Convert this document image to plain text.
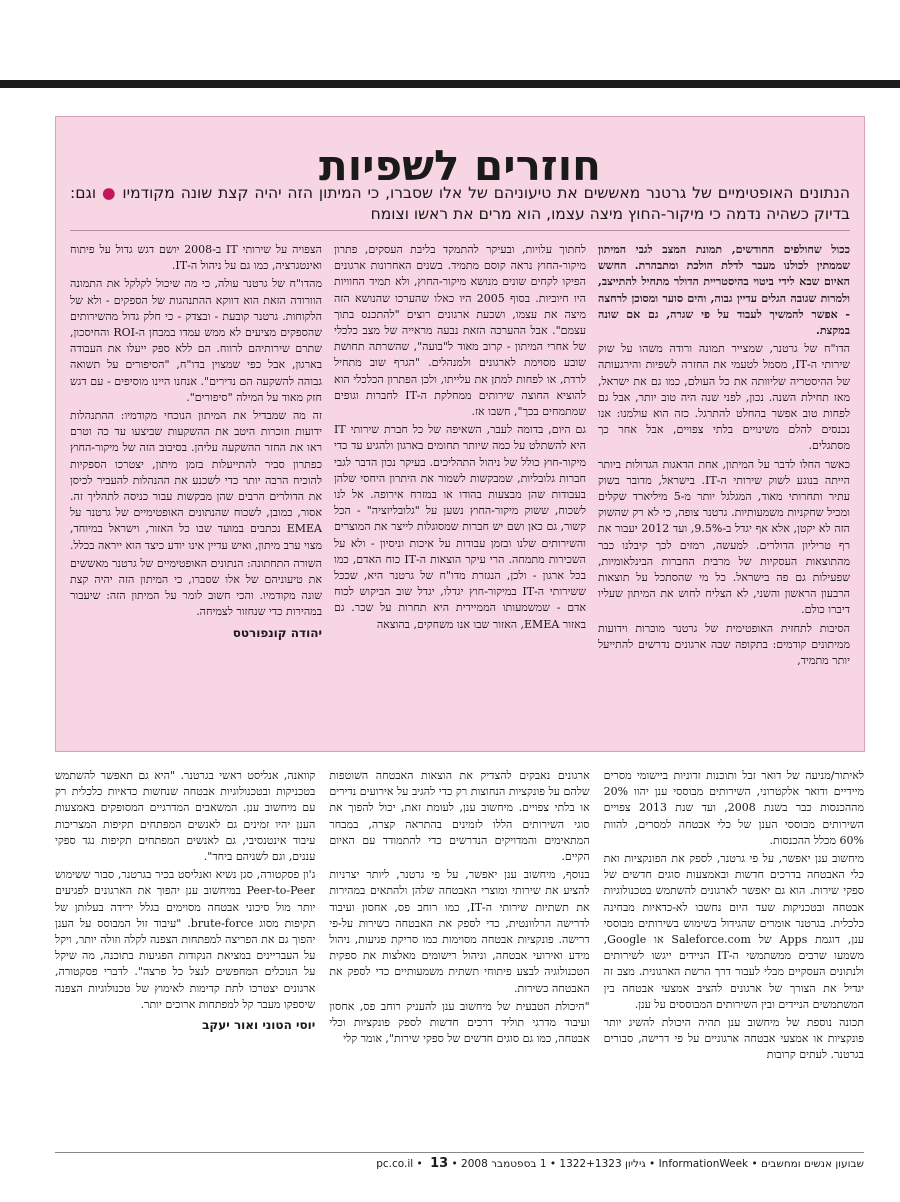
חוזרים לשפיות
הנתונים האופטימיים של גרטנר מאששים את טיעוניהם של אלו שסברו, כי המיתון הזה יהיה קצת שונה מקודמיו ● וגם: בדיוק כשהיה נדמה כי מיקור-החוץ מיצה עצמו, הוא מרים את ראשו וצומח

ככול שחולפים החודשים, תמונת המצב לגבי המיתון שממתין לכולנו מעבר לדלת הולכת ומתבהרת. החשש האיום שבא לידי ביטוי בהיסטריית הדולר מתחיל להתייצב, ולמרות שגובה הגלים עדיין גבוה, והים סוער ומסוכן לרחצה - אפשר להמשיך לעבוד על פי שגרה, גם אם שונה במקצת.

הדו"ח של גרטנר, שמצייר תמונה ורודה משהו על שוק שירותי ה-IT, מסמל לטעמי את החזרה לשפיות והירגעותה של ההיסטריה שליוותה את כל העולם, כמו גם את ישראל, מאז תחילת השנה. נכון, לפני שנה היה טוב יותר, אבל גם לפחות טוב אפשר בהחלט להתרגל. כזה הוא עולמנו: אנו נכנסים להלם משינויים בלתי צפויים, אבל אחר כך מסתגלים.

כאשר החלו לדבר על המיתון, אחת הדאגות הגדולות ביותר הייתה בנוגע לשוק שירותי ה-IT. בישראל, מדובר בשוק עתיר ותחרותי מאוד, המגלגל יותר מ-5 מיליארד שקלים ומכיל שחקניות משמעותיות. גרטנר צופה, כי לא רק שהשוק הזה לא יקטן, אלא אף יגדל ב-9.5%, ועד 2012 יעבור את רף טריליון הדולרים. למעשה, רמזים לכך קיבלנו כבר מהתוצאות העסקיות של מרבית החברות הבינלאומיות, שפעילות גם פה בישראל. כל מי שהסתכל על תוצאות הרבעון הראשון והשני, לא הצליח לחוש את המיתון שעליו דיברו כולם.

הסיבות לתחזית האופטימית של גרטנר מוכרות וידועות ממיתונים קודמים: בתקופה שבה ארגונים נדרשים להתייעל יותר מתמיד,

לחתוך עלויות, ובעיקר להתמקד בליבת העסקים, פתרון מיקור-החוץ נראה קוסם מתמיד. בשנים האחרונות ארגונים הפיקו לקחים שונים מנושא מיקור-החוץ, ולא תמיד החוויות היו חיוביות. בסוף 2005 היו כאלו שהערכו שהנושא הזה מיצה את עצמו, ושכעת ארגונים רוצים "להתכנס בתוך עצמם". אבל ההערכה הזאת נבעה מראייה של מצב כלכלי של אחרי המיתון - קרוב מאוד ל"בועה", שהשרתה תחושת שובע מסוימת לארגונים ולמנהלים. "הגרף שוב מתחיל לרדת, או לפחות למתן את עלייתו, ולכן הפתרון הכלכלי הוא להוציא החוצה שירותים ממחלקת ה-IT לחברות וגופים שמתמחים בכך", חשבו אז.

גם היום, בדומה לעבר, השאיפה של כל חברת שירותי IT היא להשתלט על כמה שיותר תחומים בארגון ולהגיע עד כדי מיקור-חוץ כולל של ניהול התהליכים. בעיקר נכון הדבר לגבי חברות גלובליות, שמבקשות לשמור את היתרון היחסי שלהן בעבודות שהן מבצעות בהודו או במזרח אירופה. אל לנו לשכוח, ששוק מיקור-החוץ נשען על "גלובליזציה" - הכל קשור, גם כאן ושם יש חברות שמסוגלות לייצר את המוצרים והשירותים שלנו ובזמן עבודות על איכות וניסיון - ולא על השכירות מתמחה. הרי עיקר הוצאות ה-IT כוח האדם, כמו בכל ארגון - ולכן, הנגזרת מדו"ח של גרטנר היא, שככל ששירותי ה-IT במיקור-חוץ יגדלו, יגדל שוב הביקוש לכוח אדם - שמשמעותו הממיידית היא תחרות על שכר. גם באזור EMEA, האזור שבו אנו משחקים, בהוצאה

הצפויה על שירותי IT ב-2008 יושם דגש גדול על פיתוח ואינטגרציה, כמו גם על ניהול ה-IT.

מהדו"ח של גרטנר עולה, כי מה שיכול לקלקל את התמונה הוורודה הזאת הוא דווקא ההתנהגות של הספקים - ולא של הלקוחות. גרטנר קובעת - ובצדק - כי חלק גדול מהשירותים שהספקים מציעים לא ממש עמדו במבחן ה-ROI והחיסכון, שתרם שירותיהם לרווח. הם ללא ספק ייעלו את העבודה בארגון, אבל כפי שמצוין בדו"ח, "הסיפורים על תשואה גבוהה להשקעה הם נדירים". אנחנו היינו מוסיפים - עם דגש חזק מאוד על המילה "סיפורים".

זה מה שמבדיל את המיתון הנוכחי מקודמיו: ההתנהלות ידועות וזוכרות היטב את ההשקעות שביצעו עד כה וטרם ראו את החזר ההשקעה עליהן. בסיבוב הזה של מיקור-החוץ כפתרון סביר להתייעלות בזמן מיתון, יצטרכו הספקיות להוכיח הרבה יותר כדי לשכנע את ההנהלות להעביר לכיסן את הדולרים הרבים שהן מבקשות עבור כניסה לתהליך זה. אסור, כמובן, לשכוח שהנתונים האופטימיים של גרטנר על EMEA נכתבים במועד שבו כל האזור, וישראל במיוחד, מצוי ערב מיתון, ואיש עדיין אינו יודע כיצד הוא ייראה בכלל.

השורה התחתונה: הנתונים האופטימיים של גרטנר מאששים את טיעוניהם של אלו שסברו, כי המיתון הזה יהיה קצת שונה מקודמיו. והכי חשוב לומר על המיתון הזה: שיעבור במהירות כדי שנחזור לצמיחה.

יהודה קונפורטס

לאיתור/מניעה של דואר זבל ותוכנות זדוניות ביישומי מסרים מיידיים ודואר אלקטרוני, השירותים מבוססי ענן יהוו 20% מההכנסות כבר בשנת 2008, ועד שנת 2013 צפויים השירותים מבוססי הענן של כלי אבטחה למסרים, להוות 60% מכלל ההכנסות.

מיחשוב ענן יאפשר, על פי גרטנר, לספק את הפונקציות ואת כלי האבטחה בדרכים חדשות ובאמצעות סוגים חדשים של ספקי שירות. הוא גם יאפשר לארגונים להשתמש בטכנולוגיות אבטחה ובטכניקות שעד היום נחשבו לא-כדאיות מבחינה כלכלית. בגרטנר אומרים שהגידול בשימוש בשירותים מבוססי ענן, דוגמת Apps של Saleforce.com או Google, משמעו שרבים ממשתמשי ה-IT הניידים ייגשו לשירותים ולנתונים העסקיים מבלי לעבור דרך הרשת הארגונית. מצב זה יגדיל את הצורך של ארגונים להציב אמצעי אבטחה בין המשתמשים הניידים ובין השירותים המבוססים על ענן.

תכונה נוספת של מיחשוב ענן תהיה היכולת להשיג יותר פונקציות או אמצעי אבטחה ארגוניים על פי דרישה, סבורים בגרטנר. לעתים קרובות

ארגונים נאבקים להצדיק את הוצאות האבטחה השוטפות שלהם על פונקציות הנחוצות רק כדי להגיב על אירועים נדירים או בלתי צפויים. מיחשוב ענן, לעומת זאת, יכול להפוך את סוגי השירותים הללו לזמינים בהתראה קצרה, במבחר המתאימים והמדויקים הנדרשים כדי להתמודד עם האיום הקיים.

בנוסף, מיחשוב ענן יאפשר, על פי גרטנר, ליותר יצרניות להציע את שירותי ומוצרי האבטחה שלהן ולהתאים במהירות את תשתיות שירותי ה-IT, כמו רוחב פס, אחסון ועיבוד לדרישה הרלוונטית, כדי לספק את האבטחה כשירות על-פי דרישה. פונקציות אבטחה מסוימות כמו סריקת פגיעות, ניהול מידע ואירועי אבטחה, וניהול רישומים מאלצות את ספקית הטכנולוגיה לבצע פיתוחי תשתית משמעותיים כדי לספק את האבטחה כשירות.

"היכולת הטבעית של מיחשוב ענן להעניק רוחב פס, אחסון ועיבוד מדרגי תוליד דרכים חדשות לספק פונקציות וכלי אבטחה, כמו גם סוגים חדשים של ספקי שירות", אומר קלי

קוואנה, אנליסט ראשי בגרטנר. "היא גם תאפשר להשתמש בטכניקות ובטכנולוגיות אבטחה שנחשות כדאיות כלכלית רק עם מיחשוב ענן. המשאבים המדרגיים המסופקים באמצעות הענן יהיו זמינים גם לאנשים המפתחים תקיפות המצריכות עיבוד אינטנסיבי, גם לאנשים המפתחים תקיפות נגד ספקי עננים, וגם לשניהם ביחד".

ג'ון פסקטורה, סגן נשיא ואנליסט בכיר בגרטנר, סבור ששימוש Peer-to-Peer במיחשוב ענן יהפוך את הארגונים לפגיעים יותר מול סיכוני אבטחה מסוימים בגלל ירידה בעלותן של תקיפות מסוג brute-force. "עיבוד זול המבוסס על הענן יהפוך גם את הפריצה למפתחות הצפנה לקלה וזולה יותר, ויקל על העבריינים במציאת הנקודות הפגיעות בתוכנה, מה שיקל על הנוכלים המחפשים לנצל כל פרצה". לדברי פסקטורה, ארגונים יצטרכו לתת קדימות לאימוץ של טכנולוגיות הצפנה שיספקו מעבר קל למפתחות ארוכים יותר.

יוסי הטוני ואור יעקב
שבועון אנשים ומחשבים • InformationWeek • גיליון 1322+1323 • 1 בספטמבר 2008 • pc.co.il • 13
